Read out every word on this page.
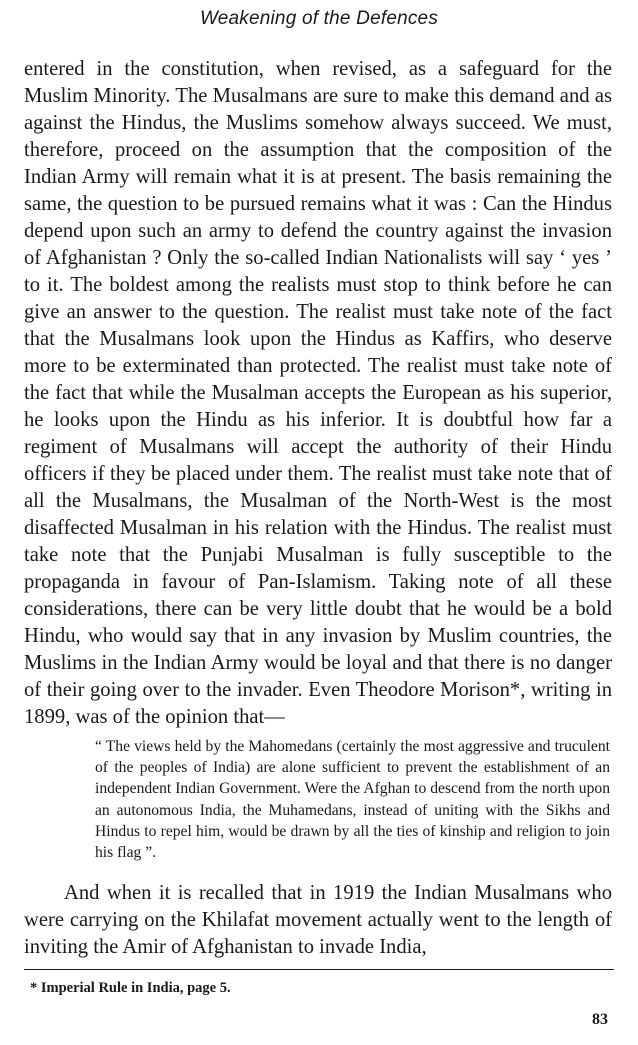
Weakening of the Defences

entered in the constitution, when revised, as a safeguard for the Muslim Minority. The Musalmans are sure to make this demand and as against the Hindus, the Muslims somehow always succeed. We must, therefore, proceed on the assumption that the composition of the Indian Army will remain what it is at present. The basis remaining the same, the question to be pursued remains what it was : Can the Hindus depend upon such an army to defend the country against the invasion of Afghanistan ? Only the so-called Indian Nationalists will say ‘ yes ’ to it. The boldest among the realists must stop to think before he can give an answer to the question. The realist must take note of the fact that the Musalmans look upon the Hindus as Kaffirs, who deserve more to be exterminated than protected. The realist must take note of the fact that while the Musalman accepts the European as his superior, he looks upon the Hindu as his inferior. It is doubtful how far a regiment of Musalmans will accept the authority of their Hindu officers if they be placed under them. The realist must take note that of all the Musalmans, the Musalman of the North-West is the most disaffected Musalman in his relation with the Hindus. The realist must take note that the Punjabi Musalman is fully susceptible to the propaganda in favour of Pan-Islamism. Taking note of all these considerations, there can be very little doubt that he would be a bold Hindu, who would say that in any invasion by Muslim countries, the Muslims in the Indian Army would be loyal and that there is no danger of their going over to the invader. Even Theodore Morison*, writing in 1899, was of the opinion that—

“ The views held by the Mahomedans (certainly the most aggressive and truculent of the peoples of India) are alone sufficient to prevent the establishment of an independent Indian Government. Were the Afghan to descend from the north upon an autonomous India, the Muhamedans, instead of uniting with the Sikhs and Hindus to repel him, would be drawn by all the ties of kinship and religion to join his flag ”.

And when it is recalled that in 1919 the Indian Musalmans who were carrying on the Khilafat movement actually went to the length of inviting the Amir of Afghanistan to invade India,

* Imperial Rule in India, page 5.
83
